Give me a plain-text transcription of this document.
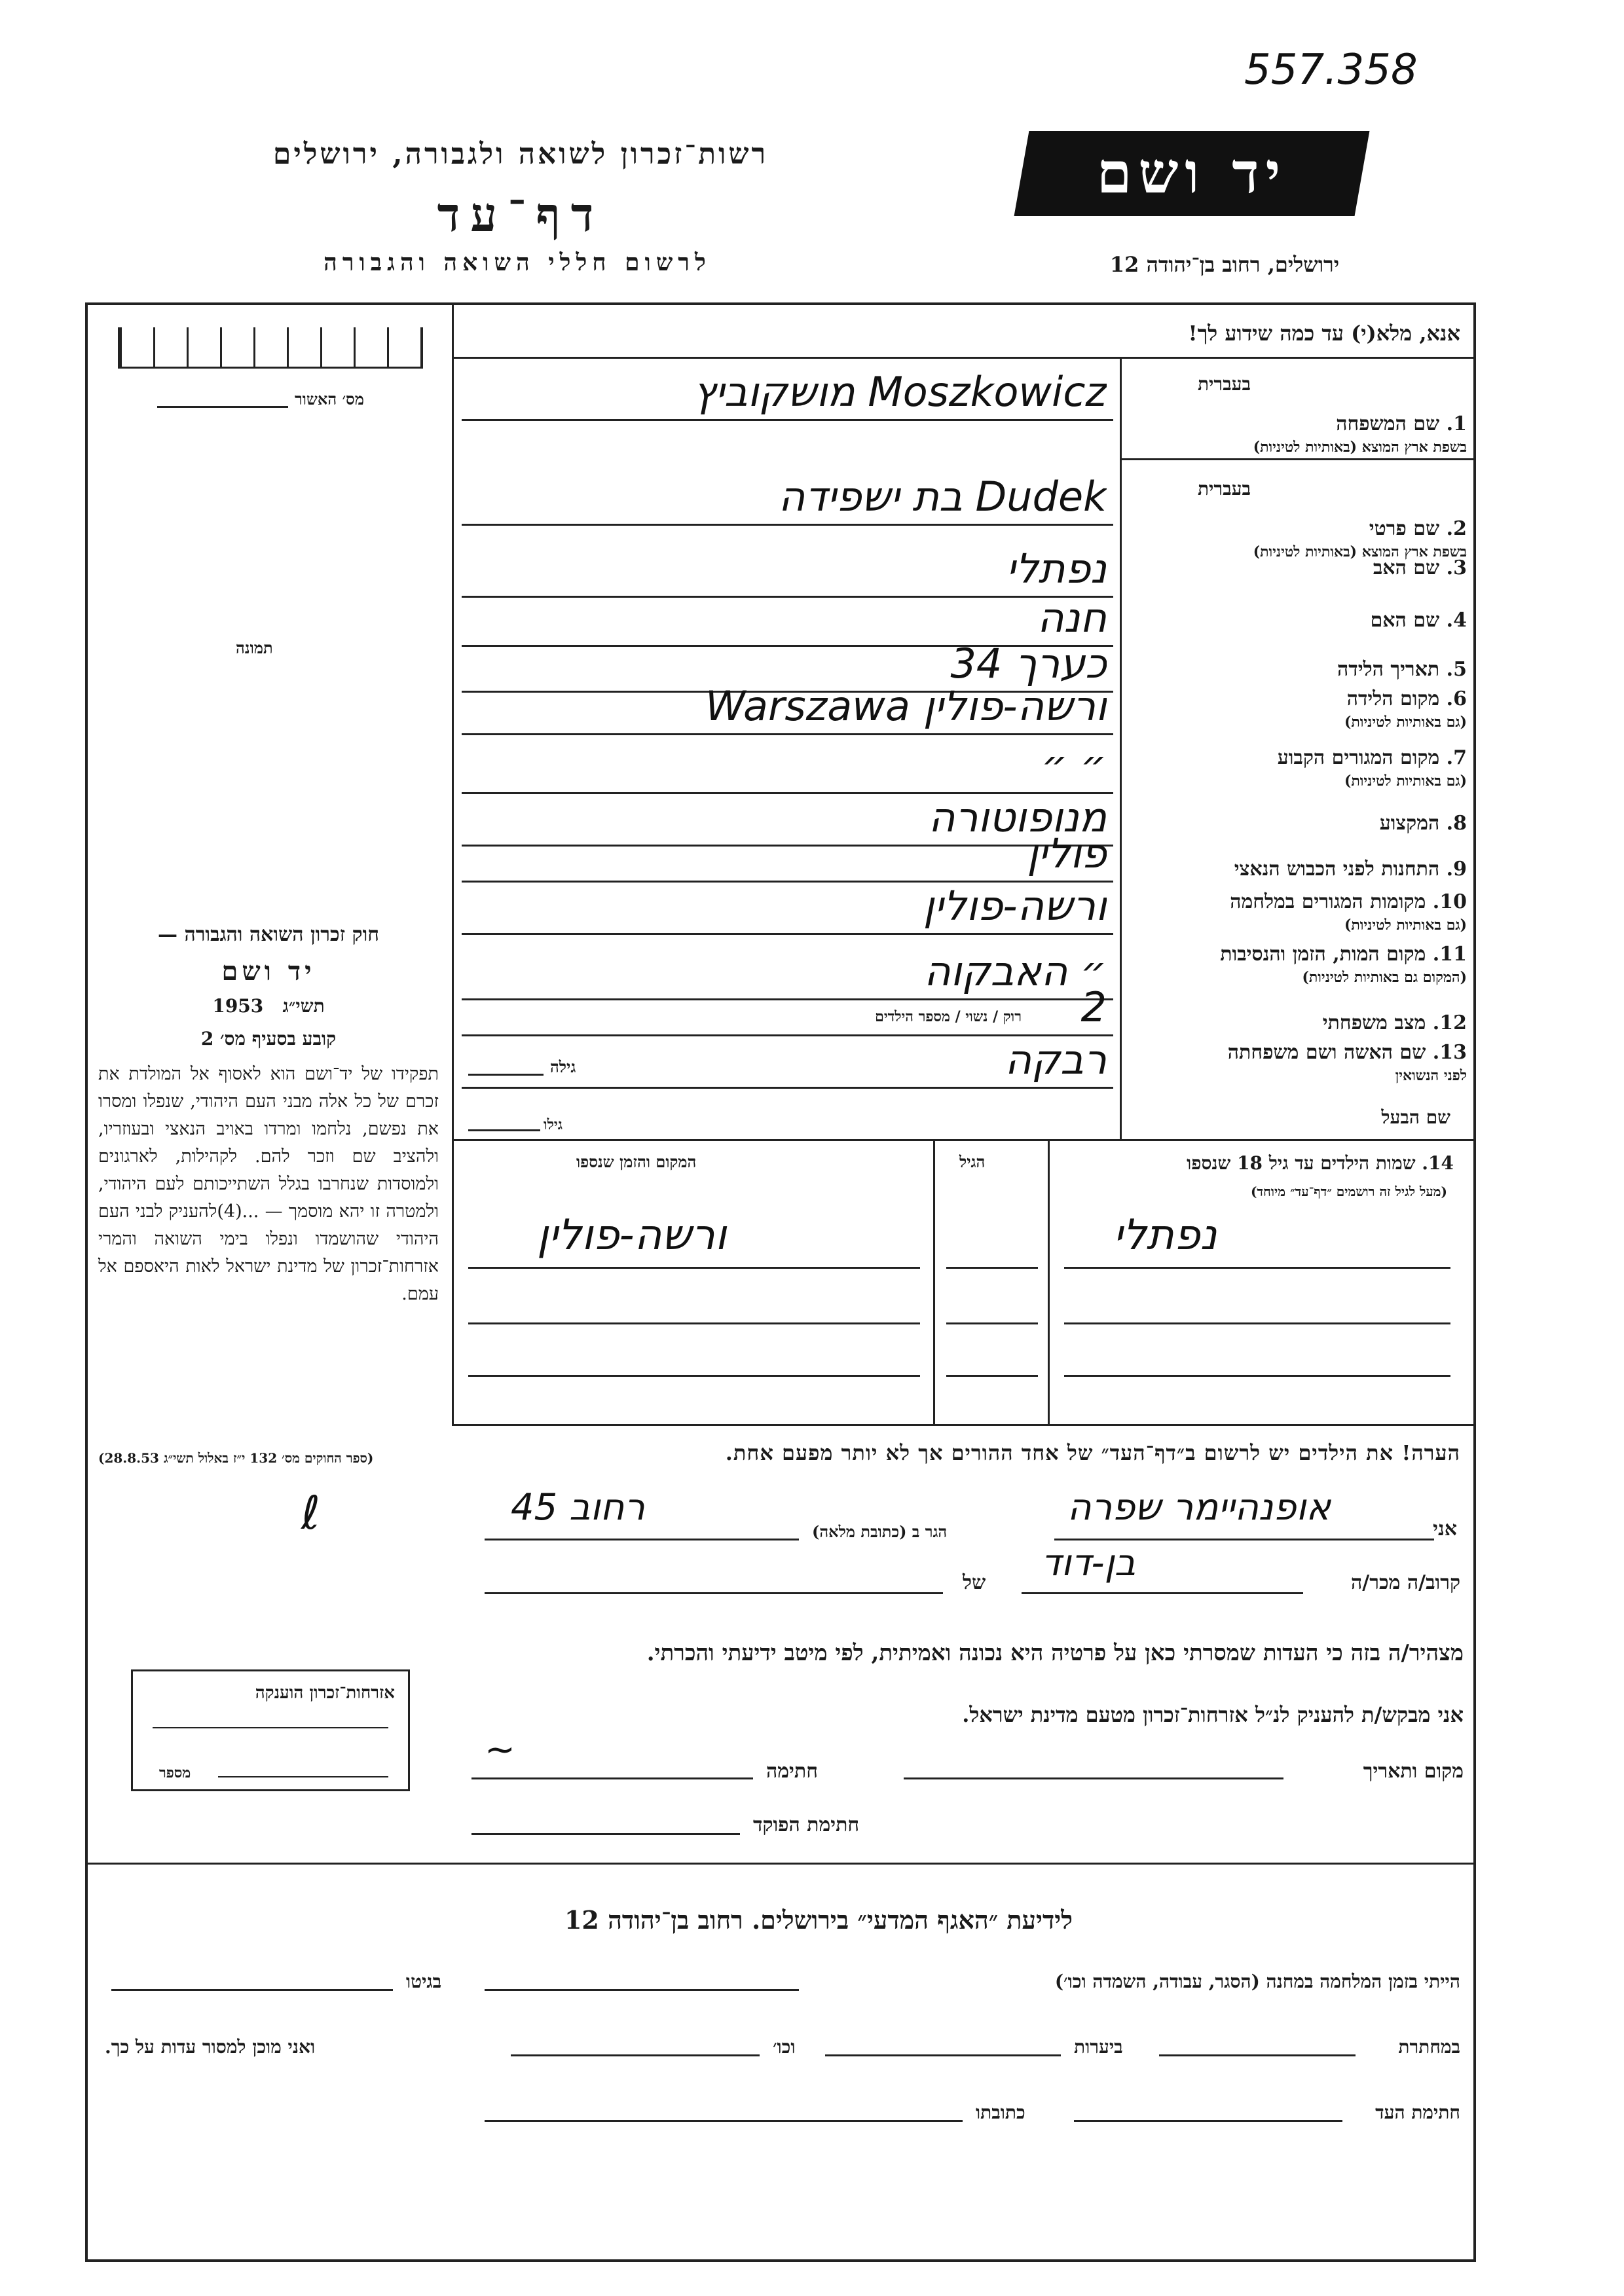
557.358
רשות־זכרון לשואה ולגבורה, ירושלים
דף־עד
לרשום חללי השואה והגבורה
יד ושם
ירושלים, רחוב בן־יהודה 12
אנא, מלא(י) עד כמה שידוע לך!
מס׳ האשור
תמונה
חוק זכרון השואה והגבורה —
יד ושם
1953 תשי״ג
קובע בסעיף מס׳ 2
תפקידו של יד־ושם הוא לאסוף אל המולדת את זכרם של כל אלה מבני העם היהודי, שנפלו ומסרו את נפשם, נלחמו ומרדו באויב הנאצי ובעוזריו, ולהציב שם וזכר להם. לקהילות, לארגונים ולמוסדות שנחרבו בגלל השתייכותם לעם היהודי, ולמטרה זו יהא מוסמך — ...(4)להעניק לבני העם היהודי שהושמדו ונפלו בימי השואה והמרי אזרחות־זכרון של מדינת ישראל לאות היאספם אל עמם.
(ספר החוקים מס׳ 132 י״ז באלול תשי״ג 28.8.53)
ℓ
אזרחות־זכרון הוענקה
מספר
1. שם המשפחה
בעברית
בשפת ארץ המוצא (באותיות לטיניות)
מושקוביץ Moszkowicz
2. שם פרטי
בעברית
בשפת ארץ המוצא (באותיות לטיניות)
בת ישפידה Dudek
3. שם האב
נפתלי
4. שם האם
חנה
5. תאריך הלידה
כערך 34
6. מקום הלידה
(גם באותיות לטיניות)
Warszawa ורשה-פולין
7. מקום המגורים הקבוע
(גם באותיות לטיניות)
״ ״
8. המקצוע
מנופוטורה
9. התחנות לפני הכבוש הנאצי
פולין
10. מקומות המגורים במלחמה
(גם באותיות לטיניות)
ורשה-פולין
11. מקום המות, הזמן והנסיבות
(המקום גם באותיות לטיניות)
״ האבקוה
12. מצב משפחתי
2
13. שם האשה ושם משפחתה
לפני הנשואין
רבקה
רוק / נשוי / מספר הילדים
גילה
שם הבעל
גילו
14. שמות הילדים עד גיל 18 שנספו
(מעל לגיל זה רושמים ״דף־עד״ מיוחד)
הגיל
המקום והזמן שנספו
נפתלי
ורשה-פולין
הערה! את הילדים יש לרשום ב״דף־העד״ של אחד ההורים אך לא יותר מפעם אחת.
אני
אופנהיימר שפרה
הגר ב (כתובת מלאה)
רחוב 45
קרוב/ה מכר/ה
בן-דוד
של
מצהיר/ה בזה כי העדות שמסרתי כאן על פרטיה היא נכונה ואמיתית, לפי מיטב ידיעתי והכרתי.
אני מבקש/ת להעניק לנ״ל אזרחות־זכרון מטעם מדינת ישראל.
מקום ותאריך
חתימה
~
חתימת הפוקד
לידיעת ״האגף המדעי״ בירושלים. רחוב בן־יהודה 12
הייתי בזמן המלחמה במחנה (הסגר, עבודה, השמדה וכו׳)
בגיטו
במחתרת
ביערות
וכו׳
ואני מוכן למסור עדות על כך.
חתימת העד
כתובתו
